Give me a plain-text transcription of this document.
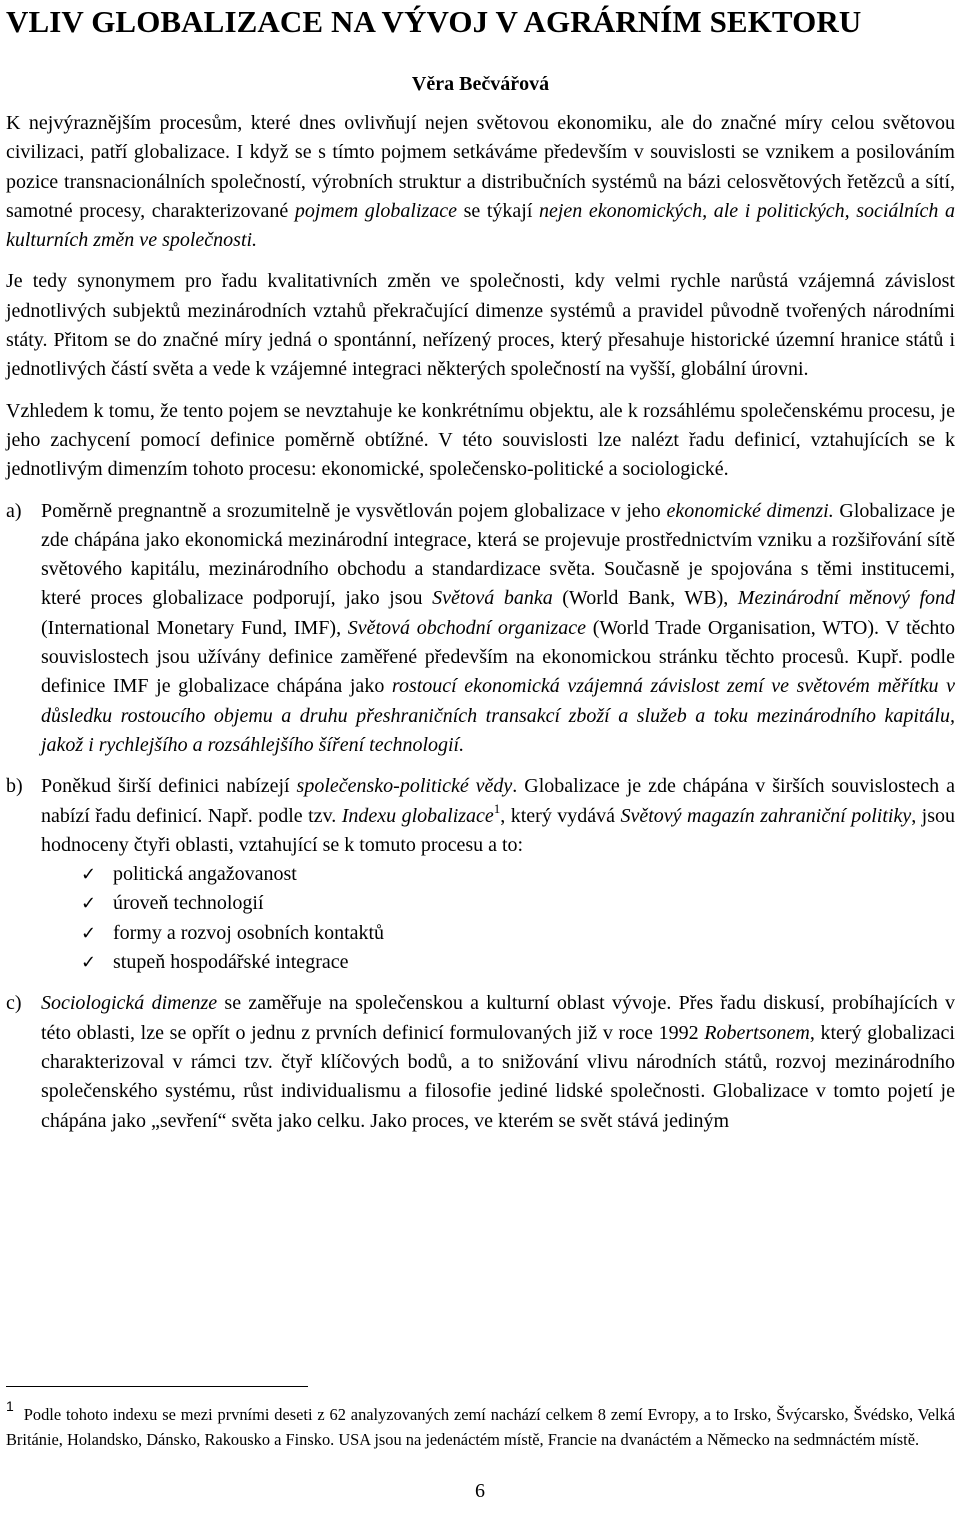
VLIV GLOBALIZACE NA VÝVOJ V AGRÁRNÍM SEKTORU
Věra Bečvářová

K nejvýraznějším procesům, které dnes ovlivňují nejen světovou ekonomiku, ale do značné míry celou světovou civilizaci, patří globalizace. I když se s tímto pojmem setkáváme především v souvislosti se vznikem a posilováním pozice transnacionálních společností, výrobních struktur a distribučních systémů na bázi celosvětových řetězců a sítí, samotné procesy, charakterizované pojmem globalizace se týkají nejen ekonomických, ale i politických, sociálních a kulturních změn ve společnosti.

Je tedy synonymem pro řadu kvalitativních změn ve společnosti, kdy velmi rychle narůstá vzájemná závislost jednotlivých subjektů mezinárodních vztahů překračující dimenze systémů a pravidel původně tvořených národními státy. Přitom se do značné míry jedná o spontánní, neřízený proces, který přesahuje historické územní hranice států i jednotlivých částí světa a vede k vzájemné integraci některých společností na vyšší, globální úrovni.

Vzhledem k tomu, že tento pojem se nevztahuje ke konkrétnímu objektu, ale k rozsáhlému společenskému procesu, je jeho zachycení pomocí definice poměrně obtížné. V této souvislosti lze nalézt řadu definicí, vztahujících se k jednotlivým dimenzím tohoto procesu: ekonomické, společensko-politické a sociologické.

a) Poměrně pregnantně a srozumitelně je vysvětlován pojem globalizace v jeho ekonomické dimenzi. Globalizace je zde chápána jako ekonomická mezinárodní integrace, která se projevuje prostřednictvím vzniku a rozšiřování sítě světového kapitálu, mezinárodního obchodu a standardizace světa. Současně je spojována s těmi institucemi, které proces globalizace podporují, jako jsou Světová banka (World Bank, WB), Mezinárodní měnový fond (International Monetary Fund, IMF), Světová obchodní organizace (World Trade Organisation, WTO). V těchto souvislostech jsou užívány definice zaměřené především na ekonomickou stránku těchto procesů. Kupř. podle definice IMF je globalizace chápána jako rostoucí ekonomická vzájemná závislost zemí ve světovém měřítku v důsledku rostoucího objemu a druhu přeshraničních transakcí zboží a služeb a toku mezinárodního kapitálu, jakož i rychlejšího a rozsáhlejšího šíření technologií.
b) Poněkud širší definici nabízejí společensko-politické vědy. Globalizace je zde chápána v širších souvislostech a nabízí řadu definicí. Např. podle tzv. Indexu globalizace$^1$, který vydává Světový magazín zahraniční politiky, jsou hodnoceny čtyři oblasti, vztahující se k tomuto procesu a to:
✓ politická angažovanost
✓ úroveň technologií
✓ formy a rozvoj osobních kontaktů
✓ stupeň hospodářské integrace
c) Sociologická dimenze se zaměřuje na společenskou a kulturní oblast vývoje. Přes řadu diskusí, probíhajících v této oblasti, lze se opřít o jednu z prvních definicí formulovaných již v roce 1992 Robertsonem, který globalizaci charakterizoval v rámci tzv. čtyř klíčových bodů, a to snižování vlivu národních států, rozvoj mezinárodního společenského systému, růst individualismu a filosofie jediné lidské společnosti. Globalizace v tomto pojetí je chápána jako „sevření“ světa jako celku. Jako proces, ve kterém se svět stává jediným
1 Podle tohoto indexu se mezi prvními deseti z 62 analyzovaných zemí nachází celkem 8 zemí Evropy, a to Irsko, Švýcarsko, Švédsko, Velká Británie, Holandsko, Dánsko, Rakousko a Finsko. USA jsou na jedenáctém místě, Francie na dvanáctém a Německo na sedmnáctém místě.
6
